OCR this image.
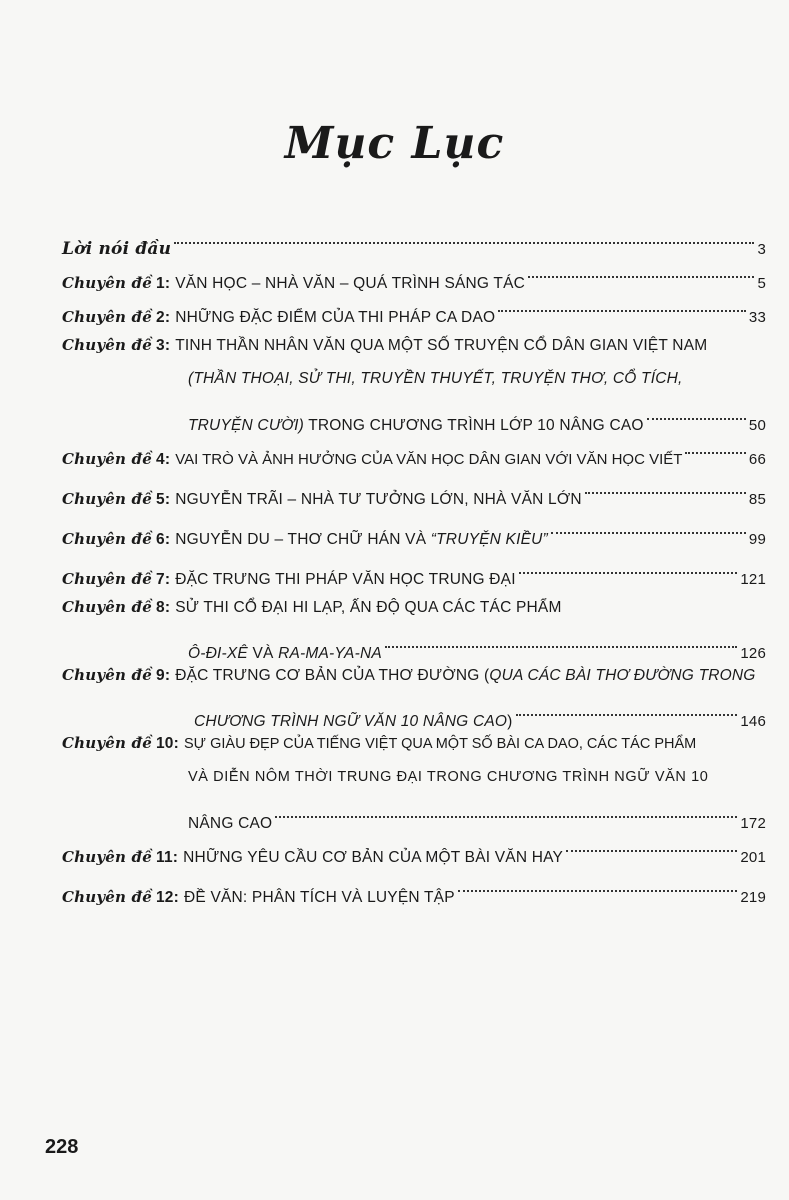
Mục Lục
Lời nói đầu	3
Chuyên đề 1 : VĂN HỌC – NHÀ VĂN – QUÁ TRÌNH SÁNG TÁC	5
Chuyên đề 2 : NHỮNG ĐẶC ĐIỂM CỦA THI PHÁP CA DAO	33
Chuyên đề 3 : TINH THẦN NHÂN VĂN QUA MỘT SỐ TRUYỆN CỔ DÂN GIAN VIỆT NAM
(THẦN THOẠI, SỬ THI, TRUYỀN THUYẾT, TRUYỆN THƠ, CỔ TÍCH,
TRUYỆN CƯỜI) TRONG CHƯƠNG TRÌNH LỚP 10 NÂNG CAO	50
Chuyên đề 4 : VAI TRÒ VÀ ẢNH HƯỞNG CỦA VĂN HỌC DÂN GIAN VỚI VĂN HỌC VIẾT	66
Chuyên đề 5 : NGUYỄN TRÃI – NHÀ TƯ TƯỞNG LỚN, NHÀ VĂN LỚN	85
Chuyên đề 6 : NGUYỄN DU – THƠ CHỮ HÁN VÀ “TRUYỆN KIỀU”	99
Chuyên đề 7 : ĐẶC TRƯNG THI PHÁP VĂN HỌC TRUNG ĐẠI	121
Chuyên đề 8 : SỬ THI CỔ ĐẠI HI LẠP, ẤN ĐỘ QUA CÁC TÁC PHẨM
Ô-ĐI-XÊ VÀ RA-MA-YA-NA	126
Chuyên đề 9 : ĐẶC TRƯNG CƠ BẢN CỦA THƠ ĐƯỜNG ( QUA CÁC BÀI THƠ ĐƯỜNG TRONG
CHƯƠNG TRÌNH NGỮ VĂN 10 NÂNG CAO )	146
Chuyên đề 10 : SỰ GIÀU ĐẸP CỦA TIẾNG VIỆT QUA MỘT SỐ BÀI CA DAO, CÁC TÁC PHẨM
VÀ DIỄN NÔM THỜI TRUNG ĐẠI TRONG CHƯƠNG TRÌNH NGỮ VĂN 10
NÂNG CAO	172
Chuyên đề 11 : NHỮNG YÊU CẦU CƠ BẢN CỦA MỘT BÀI VĂN HAY	201
Chuyên đề 12 : ĐỀ VĂN: PHÂN TÍCH VÀ LUYỆN TẬP	219
228
